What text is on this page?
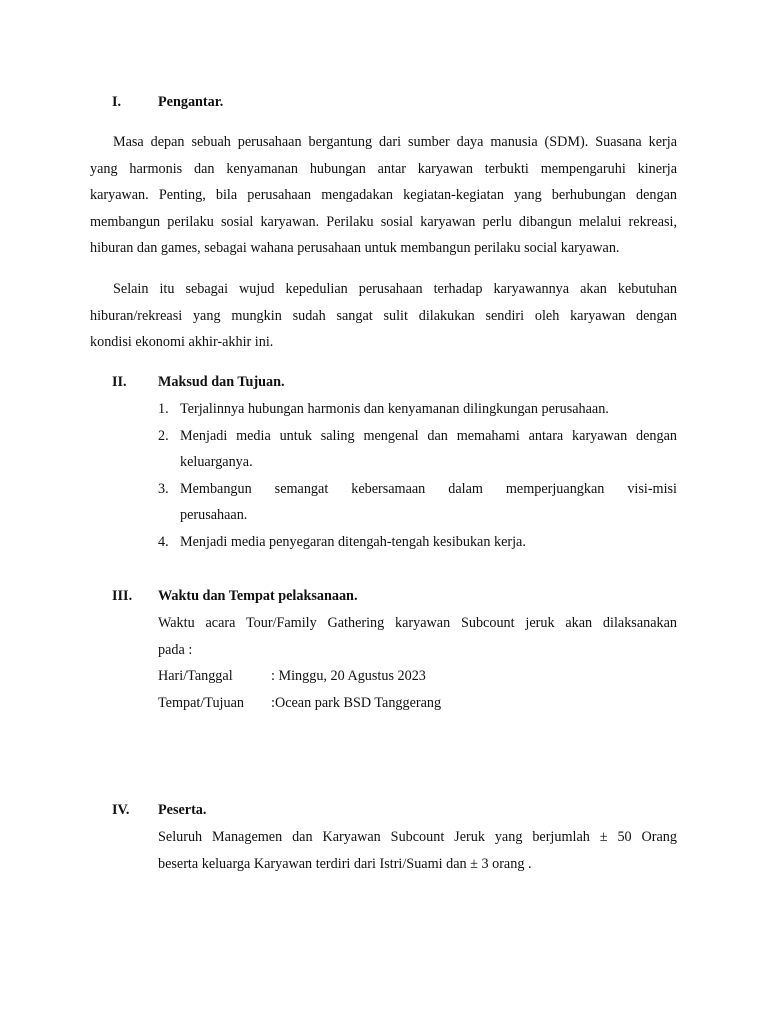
I.	Pengantar.
Masa depan sebuah perusahaan bergantung dari sumber daya manusia (SDM). Suasana kerja
yang harmonis dan kenyamanan hubungan antar karyawan terbukti mempengaruhi kinerja
karyawan. Penting, bila perusahaan mengadakan kegiatan-kegiatan yang berhubungan dengan
membangun perilaku sosial karyawan. Perilaku sosial karyawan perlu dibangun melalui rekreasi,
hiburan dan games, sebagai wahana perusahaan untuk membangun perilaku social karyawan.
Selain itu sebagai wujud kepedulian perusahaan terhadap karyawannya akan kebutuhan
hiburan/rekreasi yang mungkin sudah sangat sulit dilakukan sendiri oleh karyawan dengan
kondisi ekonomi akhir-akhir ini.
II. Maksud dan Tujuan.
1. Terjalinnya hubungan harmonis dan kenyamanan dilingkungan perusahaan.
2. Menjadi media untuk saling mengenal dan memahami antara karyawan dengan
keluarganya.
3. Membangun semangat kebersamaan dalam memperjuangkan visi-misi
perusahaan.
4. Menjadi media penyegaran ditengah-tengah kesibukan kerja.
III. Waktu dan Tempat pelaksanaan.
Waktu acara Tour/Family Gathering karyawan Subcount jeruk akan dilaksanakan
pada :
Hari/Tanggal	: Minggu, 20 Agustus 2023
Tempat/Tujuan :Ocean park BSD Tanggerang
IV. Peserta.
Seluruh Managemen dan Karyawan Subcount Jeruk yang berjumlah ± 50 Orang
beserta keluarga Karyawan terdiri dari Istri/Suami dan ± 3 orang .
